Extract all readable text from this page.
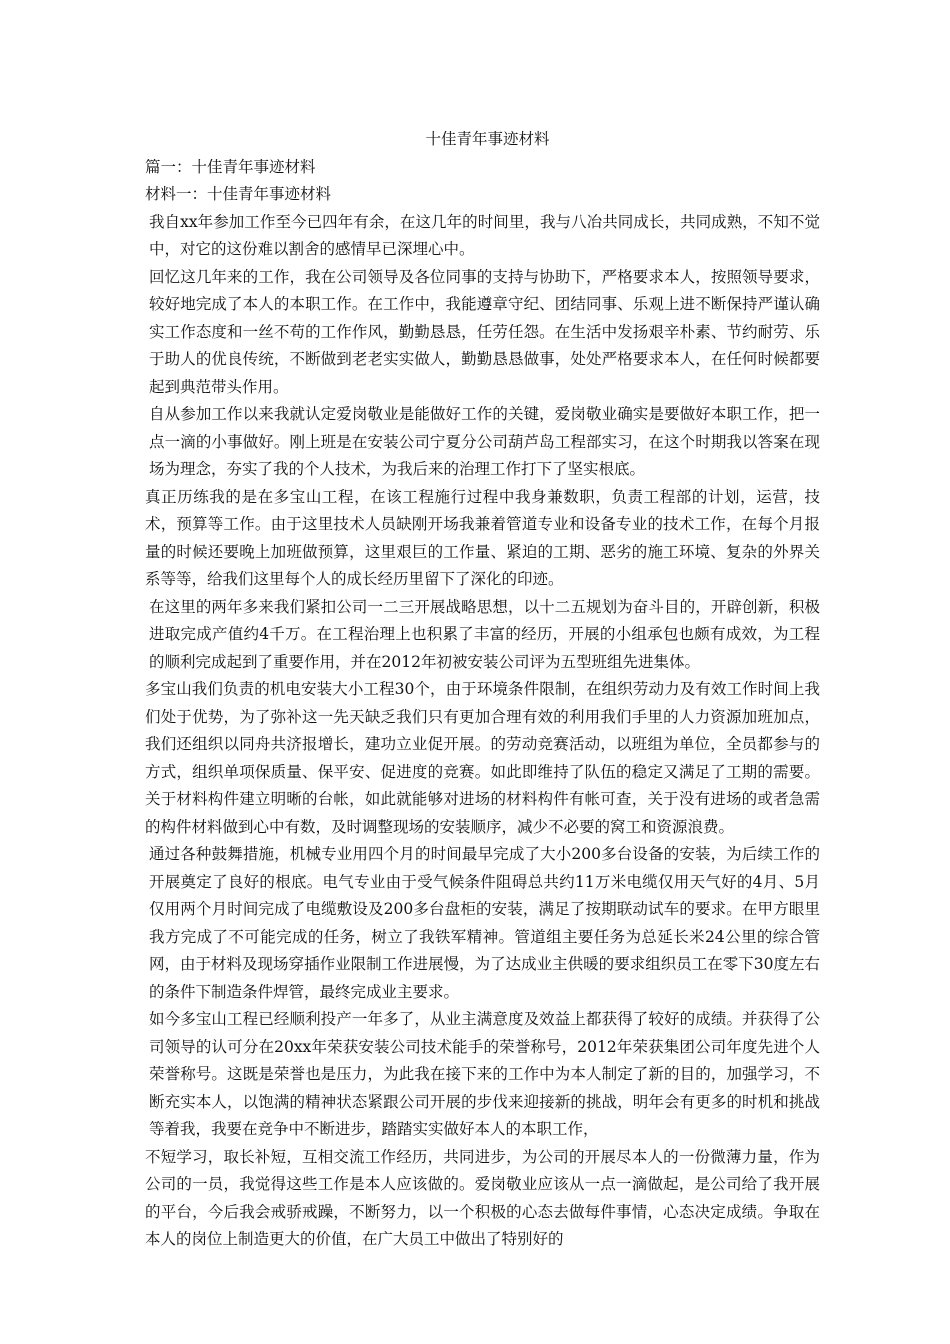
十佳青年事迹材料

篇一：十佳青年事迹材料

材料一：十佳青年事迹材料

我自xx年参加工作至今已四年有余，在这几年的时间里，我与八冶共同成长，共同成熟，不知不觉中，对它的这份难以割舍的感情早已深埋心中。

回忆这几年来的工作，我在公司领导及各位同事的支持与协助下，严格要求本人，按照领导要求，较好地完成了本人的本职工作。在工作中，我能遵章守纪、团结同事、乐观上进不断保持严谨认确实工作态度和一丝不苟的工作作风，勤勤恳恳，任劳任怨。在生活中发扬艰辛朴素、节约耐劳、乐于助人的优良传统，不断做到老老实实做人，勤勤恳恳做事，处处严格要求本人，在任何时候都要起到典范带头作用。

自从参加工作以来我就认定爱岗敬业是能做好工作的关键，爱岗敬业确实是要做好本职工作，把一点一滴的小事做好。刚上班是在安装公司宁夏分公司葫芦岛工程部实习，在这个时期我以答案在现场为理念，夯实了我的个人技术，为我后来的治理工作打下了坚实根底。

真正历练我的是在多宝山工程，在该工程施行过程中我身兼数职，负责工程部的计划，运营，技术，预算等工作。由于这里技术人员缺刚开场我兼着管道专业和设备专业的技术工作，在每个月报量的时候还要晚上加班做预算，这里艰巨的工作量、紧迫的工期、恶劣的施工环境、复杂的外界关系等等，给我们这里每个人的成长经历里留下了深化的印迹。

在这里的两年多来我们紧扣公司一二三开展战略思想，以十二五规划为奋斗目的，开辟创新，积极进取完成产值约4千万。在工程治理上也积累了丰富的经历，开展的小组承包也颇有成效，为工程的顺利完成起到了重要作用，并在2012年初被安装公司评为五型班组先进集体。

多宝山我们负责的机电安装大小工程30个，由于环境条件限制，在组织劳动力及有效工作时间上我们处于优势，为了弥补这一先天缺乏我们只有更加合理有效的利用我们手里的人力资源加班加点，我们还组织以同舟共济报增长，建功立业促开展。的劳动竞赛活动，以班组为单位，全员都参与的方式，组织单项保质量、保平安、促进度的竞赛。如此即维持了队伍的稳定又满足了工期的需要。关于材料构件建立明晰的台帐，如此就能够对进场的材料构件有帐可查，关于没有进场的或者急需的构件材料做到心中有数，及时调整现场的安装顺序，减少不必要的窝工和资源浪费。

通过各种鼓舞措施，机械专业用四个月的时间最早完成了大小200多台设备的安装，为后续工作的开展奠定了良好的根底。电气专业由于受气候条件阻碍总共约11万米电缆仅用天气好的4月、5月仅用两个月时间完成了电缆敷设及200多台盘柜的安装，满足了按期联动试车的要求。在甲方眼里我方完成了不可能完成的任务，树立了我铁军精神。管道组主要任务为总延长米24公里的综合管网，由于材料及现场穿插作业限制工作进展慢，为了达成业主供暖的要求组织员工在零下30度左右的条件下制造条件焊管，最终完成业主要求。

如今多宝山工程已经顺利投产一年多了，从业主满意度及效益上都获得了较好的成绩。并获得了公司领导的认可分在20xx年荣获安装公司技术能手的荣誉称号，2012年荣获集团公司年度先进个人荣誉称号。这既是荣誉也是压力，为此我在接下来的工作中为本人制定了新的目的，加强学习，不断充实本人，以饱满的精神状态紧跟公司开展的步伐来迎接新的挑战，明年会有更多的时机和挑战等着我，我要在竞争中不断进步，踏踏实实做好本人的本职工作，

不短学习，取长补短，互相交流工作经历，共同进步，为公司的开展尽本人的一份微薄力量，作为公司的一员，我觉得这些工作是本人应该做的。爱岗敬业应该从一点一滴做起，是公司给了我开展的平台，今后我会戒骄戒躁，不断努力，以一个积极的心态去做每件事情，心态决定成绩。争取在本人的岗位上制造更大的价值，在广大员工中做出了特别好的
